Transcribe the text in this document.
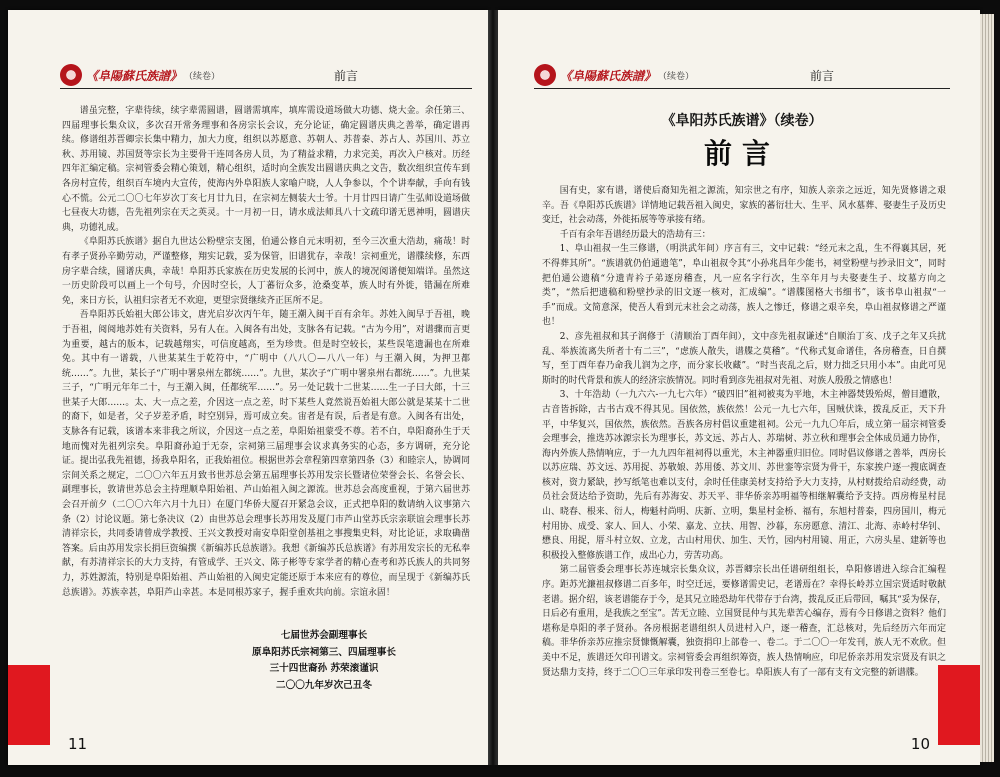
《阜陽蘇氏族譜》 （续卷）	前言

谱虽完整，字辈待续，续字辈需圆谱，圆谱需填库，填库需设道场做大功德、烧大金。余任第三、四届理事长集众议，多次召开常务理事和各房宗长会议，充分论证，确定圆谱庆典之善举，确定谱再续。修谱组苏晋卿宗长集中精力，加大力度，组织以苏愿意、苏朝人、苏普泰、苏占人、苏国川、苏立秋、苏用镜、苏国贤等宗长为主要骨干连同各房人员，为了精益求精，力求完美，再次入户核对。历经四年汇编定稿。宗祠管委会精心策划，精心组织，适时向全族发出圆谱庆典之文告，数次组织宣传车到各房村宣传，组织百车境内大宣传，使海内外阜阳族人家喻户晓，人人争参以，个个讲奉献，手向有钱心不慌。公元二〇〇七年岁次丁亥七月廿九日，在宗祠左侧装大士爷。十月廿四日请广生弘师设道场做七昼夜大功德，告先祖列宗在天之英灵。十一月初一日，请水成法师具八十文疏印谱无恩神明，圆谱庆典，功德礼成。

《阜阳苏氏族谱》据自九世达公粉壁宗支图，伯通公修自元末明初，至今三次重大浩劫，痛哉！时有孝子贤孙辛勤劳动，严谨整修，翔实记载，妥为保管，旧谱犹存，幸哉！宗祠重光，谱牒续修，东西房字辈合续，圆谱庆典，幸哉！阜阳苏氏家族在历史发展的长河中，族人的境况阅谱便知端详。虽然这一历史阶段可以画上一个句号，介因时空长，人丁蕃衍众多，沧桑变革，族人时有外徙，错漏在所难免，来日方长，认祖归宗者无不欢迎，更望宗贤继续齐正匡所不足。

吾阜阳苏氏始祖大郎公讳文，唐光启岁次丙午年，随王潮入闽干百有余年。苏姓入闽早于吾祖，晚于吾祖，阅阅地苏姓有关资料，另有人在。入闽各有出处，支脉各有记载。“古为今用”，对谱骤而言更为重要，越古的版本，记载越翔实，可信度越高，至为珍贵。但是时空较长，某些误笔遗漏也在所难免。其中有一谱载，八世某某生于乾符中，“广明中（八八〇—八八一年）与王潮入闽，为押卫都统……”。九世，某长子“广明中署泉州左都统……”。九世，某次子“广明中署泉州右都统……”。九世某三子，“广明元年年二十，与王潮入闽，任都统军……”。另一处记载十二世某……生一子曰大郎，十三世某子大郎……。太、大一点之差，介因这一点之差，时下某些人竟然说吾始祖大郎公就是某某十二世的裔下，如是者，父子岁差矛盾，时空别异，焉可成立矣。宙者是有误，后者是有意。入闽各有出处，支脉各有记载，该谱本来非我之所议，介因这一点之差，阜阳始祖蒙受不尊。若不白，阜阳裔孙生于天地而愧对先祖列宗矣。阜阳裔孙迫于无奈，宗祠第三届理事会议求真务实的心态，多方调研，充分论证。提出弘我先祖德，扬我阜阳名，正我始祖位。根据世苏会章程第四章第四条（3）和睦宗人，协调同宗间关系之规定，二〇〇六年五月致书世苏总会第五届理事长苏用发宗长暨诸位荣誉会长、名誉会长、副理事长，敦请世苏总会主持理顺阜阳始祖、芦山始祖入闽之源流。世苏总会高度重视，于第六届世苏会召开前夕（二〇〇六年六月十九日）在厦门华侨大厦召开紧急会议，正式把阜阳的数请纳入议事第六条（2）讨论议题。第七条决议（2）由世苏总会理事长苏用发及厦门市芦山堂苏氏宗亲联谊会理事长苏清祥宗长，共同委请曾成学教授、王兴文教授对南安阜阳堂创基祖之事搜集史料，对比论证，求取确凿答案。后由苏用发宗长捐巨资编撰《新编苏氏总族谱》。我想《新编苏氏总族谱》有苏用发宗长的无私奉献，有苏清祥宗长的大力支持，有管成学、王兴文、陈子彬等专家学者的精心查考和苏氏族人的共同努力，苏姓源流，特别是阜阳始祖、芦山始祖的入闽史定能还原于本来应有的尊位，而呈现于《新编苏氏总族谱》。苏族幸甚，阜阳芦山幸甚。本是同根苏家子，握手重欢共向前。宗谊永固！

七届世苏会副理事长
原阜阳苏氏宗祠第三、四届理事长
三十四世裔孙 苏荣滚谨识
二〇〇九年岁次己丑冬
11
《阜陽蘇氏族譜》 （续卷）	前言
《阜阳苏氏族谱》（续卷）
前言

国有史，家有谱，谱使后裔知先祖之源流，知宗世之有序，知族人亲亲之远近，知先贤修谱之艰辛。吾《阜阳苏氏族谱》详情地记载吾祖入闽史，家族的蕃衍壮大、生平、风水墓葬、娶妻生子及历史变迁，社会动荡，外徙拓展等等承接有绪。

千百有余年吾谱经历最大的浩劫有三：

1、阜山祖叔一生三修谱，（明洪武年间）序言有三，文中记载：“经元末之乱，生不得襄其居，死不得葬其所”。“族谱就仍伯通遗笔”，阜山祖叔令其“小孙兆昌年少能书，祠堂粉壁与抄录旧文”，同时把伯通公遗稿“分遗青衿子弟逐房稽查，凡一应名字行次，生卒年月与夫娶妻生子、坟墓方向之类”，“然后把遗稿和粉壁抄录的旧文逐一核对，汇成编”。“谱牒图格大书细书”，该书阜山祖叔“一手”而成。文简意深，使吾人看到元末社会之动荡，族人之惨迁，修谱之艰辛矣，阜山祖叔修谱之严谨也！

2、彦先祖叔和其子润修于（清顺治丁酉年间），文中彦先祖叔谦述“自顺治丁亥、戊子之年又兵扰乱、举族流离失所者十有二三”，“虑族人散失，谱牒之莫稽”。“代称式复命谱佳，各房稽查，日自撰写，至丁酉年春乃命我儿润为之序，而分家长收藏”。“时当丧乱之后，财力拙乏只用小本”。由此可见斯时的时代背景和族人的经济宗族情况。同时看到彦先祖叔对先祖、对族人殷殷之情感也！

3、十年浩劫（一九六六-一九七六年）“破四旧”祖祠被夷为平地，木主神器焚毁殆烬，僧目遭散，古音皆拆除，古书古戏不得其见。国依然，族依然！公元一九七六年，国贼伏诛，拨乱反正，天下升平，中华复兴，国依然，族依然。吾族各房村倡议重建祖祠。公元一九九〇年后，成立第一届宗祠管委会理事会，推选苏冰源宗长为理事长，苏文远、苏占人、苏瑞树、苏立秋和理事会全体成员通力协作，海内外族人热情响应，于一九九四年祖祠得以重光，木主神器重归旧位。同时倡议修谱之善举，西房长以苏应瑞、苏文远、苏用捉、苏敬娘、苏用倭、苏文川、苏世銮等宗贤为骨干，东家挨户逐一搜底调查核对，资力紧缺，抄写纸笔也难以支付，余时任佳康美材支持给予大力支持，从村财拨给启动经费，动员社会贤达给予资助，先后有苏海安、苏天平、菲华侨亲苏明福等相继解囊给予支持。西房梅星村昆山、晓春、根来、衍人，梅魁村尚明、庆新、立明，集星村金桥、福有，东旭村普泰，四房国川，梅元村用协、成受、家人、回人、小荣、嘉龙、立扶、用智、沙暮，东房愿意、清江、北海、赤岭村华钊、懋良、用捉，厝斗村立奴、立龙，古山村用伏、加生、天竹，园内村用镜、用正，六房头星、建新等也积极投入整修族谱工作，成出心力，劳苦功高。

第二届管委会理事长苏连城宗长集众议，苏晋卿宗长出任谱研组组长，阜阳修谱进入综合汇编程序。距苏光濂祖叔修谱二百多年，时空迁远，要修谱需史记，老谱焉在？幸得长岭苏立国宗贤适时敬献老谱。据介绍，该老谱能存于今，是其兄立睦恐劫年代带存于台湾，拨乱反正后带回，嘱其“妥为保存，日后必有重用，是我族之至宝”。苦无立睦、立国贤昆仲与其先辈苦心编存，焉有今日修谱之资料？他们堪称是阜阳的孝子贤孙。各房根据老谱组织人员进村入户，逐一稽查，汇总核对，先后经历六年而定稿。菲华侨亲苏应推宗贤慷慨解囊，独资捐印上部卷一、卷二。于二〇〇一年发刊，族人无不欢欣。但美中不足，族谱还欠印刊谱文。宗祠管委会再组织筹资，族人热情响应，印尼侨亲苏用发宗贤及有识之贤达鼎力支持，终于二〇〇三年承印发刊卷三至卷七。阜阳族人有了一部有支有文完整的新谱牒。

10
